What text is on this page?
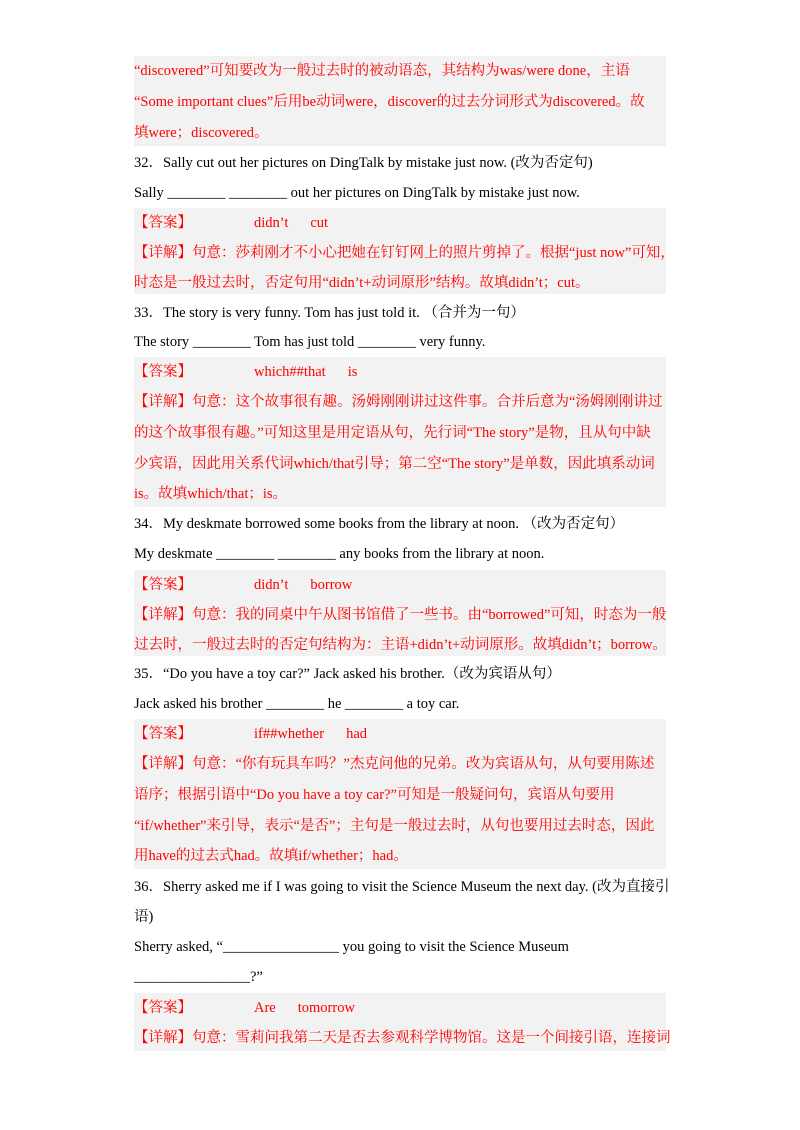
“discovered”可知要改为一般过去时的被动语态，其结构为was/were done，主语
“Some important clues”后用be动词were，discover的过去分词形式为discovered。故
填were；discovered。
32．Sally cut out her pictures on DingTalk by mistake just now. (改为否定句)
Sally ________ ________ out her pictures on DingTalk by mistake just now.
【答案】	didn’t cut
【详解】句意：莎莉刚才不小心把她在钉钉网上的照片剪掉了。根据“just now”可知，
时态是一般过去时，否定句用“didn’t+动词原形”结构。故填didn’t；cut。
33．The story is very funny. Tom has just told it. （合并为一句）
The story ________ Tom has just told ________ very funny.
【答案】	which##that is
【详解】句意：这个故事很有趣。汤姆刚刚讲过这件事。合并后意为“汤姆刚刚讲过
的这个故事很有趣。”可知这里是用定语从句，先行词“The story”是物，且从句中缺
少宾语，因此用关系代词which/that引导；第二空“The story”是单数，因此填系动词
is。故填which/that；is。
34．My deskmate borrowed some books from the library at noon. （改为否定句）
My deskmate ________ ________ any books from the library at noon.
【答案】	didn’t borrow
【详解】句意：我的同桌中午从图书馆借了一些书。由“borrowed”可知，时态为一般
过去时，一般过去时的否定句结构为：主语+didn’t+动词原形。故填didn’t；borrow。
35．“Do you have a toy car?” Jack asked his brother.（改为宾语从句）
Jack asked his brother ________ he ________ a toy car.
【答案】	if##whether had
【详解】句意：“你有玩具车吗？”杰克问他的兄弟。改为宾语从句，从句要用陈述
语序；根据引语中“Do you have a toy car?”可知是一般疑问句，宾语从句要用
“if/whether”来引导，表示“是否”；主句是一般过去时，从句也要用过去时态，因此
用have的过去式had。故填if/whether；had。
36．Sherry asked me if I was going to visit the Science Museum the next day. (改为直接引
语)
Sherry asked, “________________ you going to visit the Science Museum
________________?”
【答案】	Are tomorrow
【详解】句意：雪莉问我第二天是否去参观科学博物馆。这是一个间接引语，连接词
